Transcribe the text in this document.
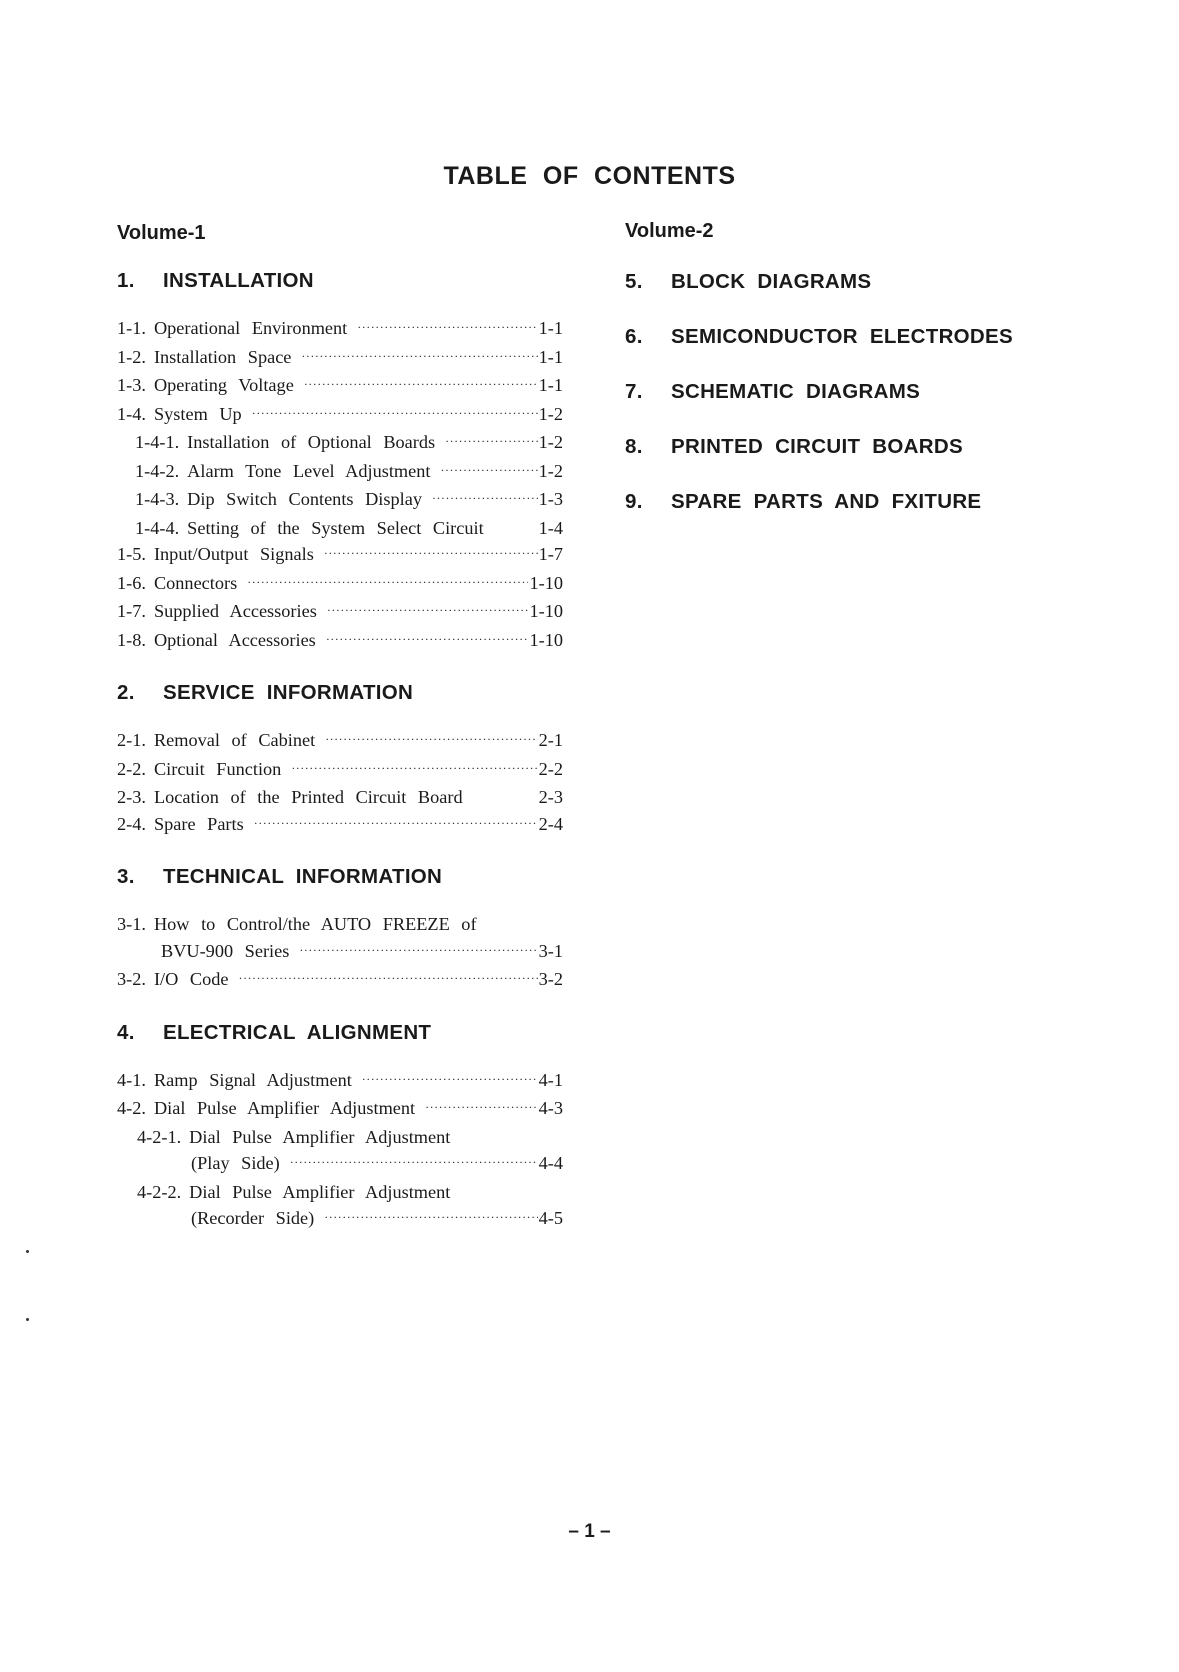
TABLE OF CONTENTS
Volume-1
1. INSTALLATION
1-1. Operational Environment ·····	1-1
1-2. Installation Space ·····	1-1
1-3. Operating Voltage ·····	1-1
1-4. System Up ·····	1-2
1-4-1. Installation of Optional Boards ·····	1-2
1-4-2. Alarm Tone Level Adjustment ·····	1-2
1-4-3. Dip Switch Contents Display ·····	1-3
1-4-4. Setting of the System Select Circuit	1-4
1-5. Input/Output Signals ·····	1-7
1-6. Connectors ·····	1-10
1-7. Supplied Accessories ·····	1-10
1-8. Optional Accessories ·····	1-10
2. SERVICE INFORMATION
2-1. Removal of Cabinet ·····	2-1
2-2. Circuit Function ·····	2-2
2-3. Location of the Printed Circuit Board	2-3
2-4. Spare Parts ·····	2-4
3. TECHNICAL INFORMATION
3-1. How to Control/the AUTO FREEZE of
BVU-900 Series ·····	3-1
3-2. I/O Code ·····	3-2
4. ELECTRICAL ALIGNMENT
4-1. Ramp Signal Adjustment ·····	4-1
4-2. Dial Pulse Amplifier Adjustment ·····	4-3
4-2-1. Dial Pulse Amplifier Adjustment
(Play Side) ·····	4-4
4-2-2. Dial Pulse Amplifier Adjustment
(Recorder Side) ·····	4-5
Volume-2
5. BLOCK DIAGRAMS
6. SEMICONDUCTOR ELECTRODES
7. SCHEMATIC DIAGRAMS
8. PRINTED CIRCUIT BOARDS
9. SPARE PARTS AND FXITURE
– 1 –
